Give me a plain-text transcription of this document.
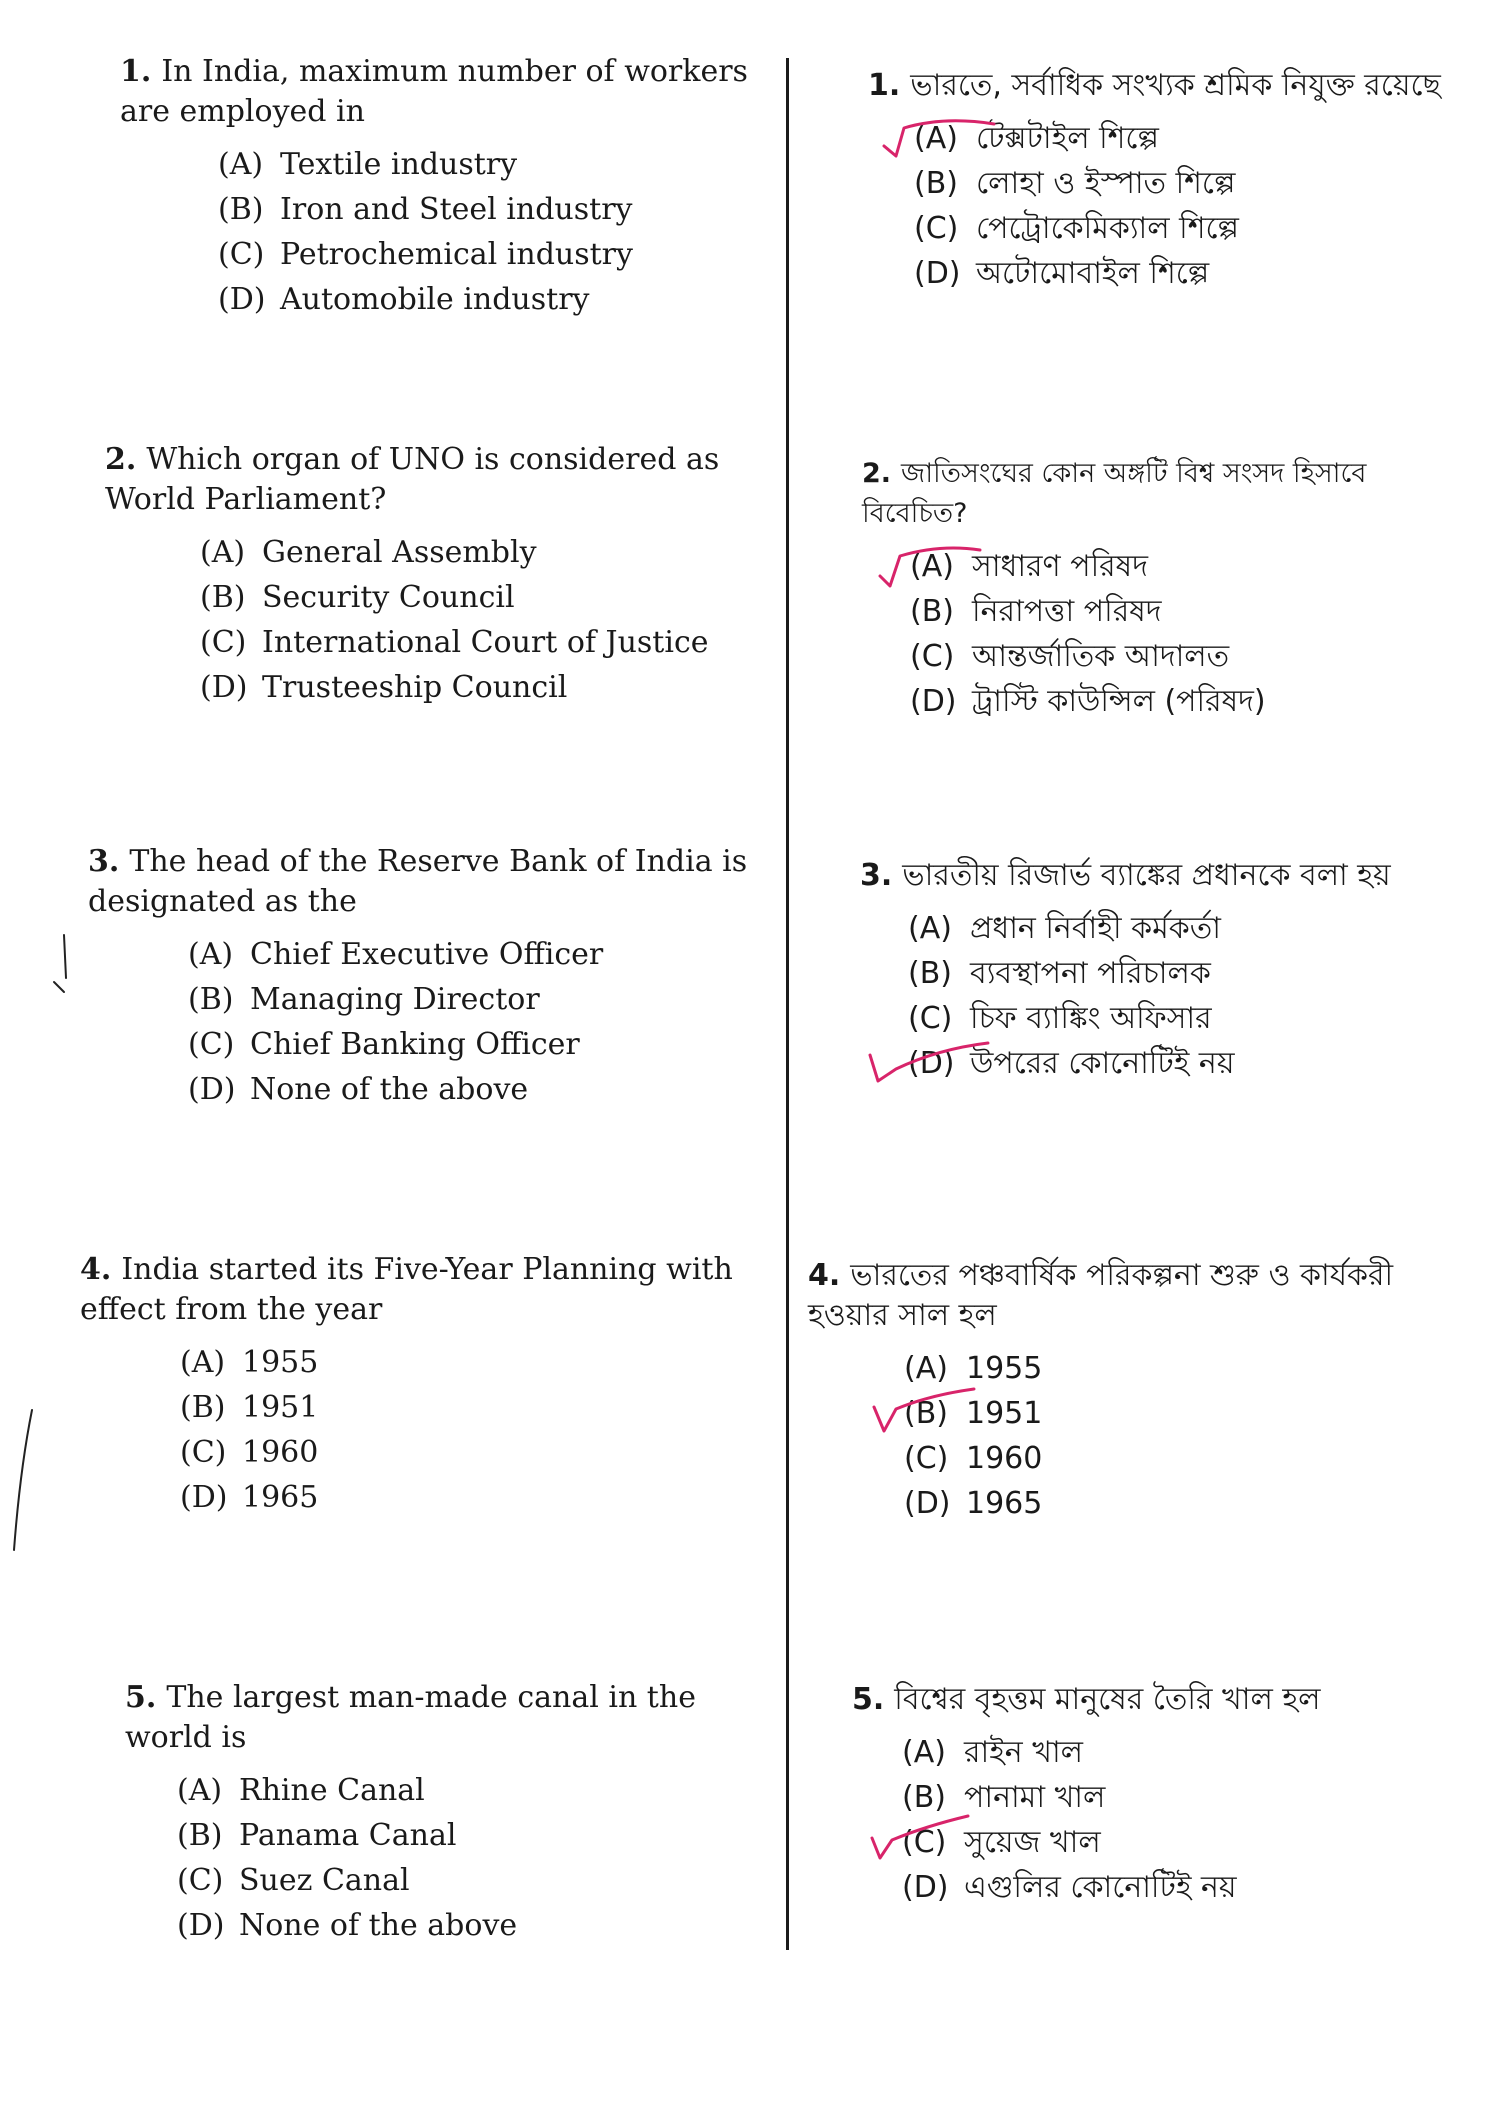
1. In India, maximum number of workers are employed in

(A) Textile industry
(B) Iron and Steel industry
(C) Petrochemical industry
(D) Automobile industry

2. Which organ of UNO is considered as World Parliament?

(A) General Assembly
(B) Security Council
(C) International Court of Justice
(D) Trusteeship Council

3. The head of the Reserve Bank of India is designated as the

(A) Chief Executive Officer
(B) Managing Director
(C) Chief Banking Officer
(D) None of the above

4. India started its Five-Year Planning with effect from the year

(A) 1955
(B) 1951
(C) 1960
(D) 1965

5. The largest man-made canal in the world is

(A) Rhine Canal
(B) Panama Canal
(C) Suez Canal
(D) None of the above

1. ভারতে, সর্বাধিক সংখ্যক শ্রমিক নিযুক্ত রয়েছে

(A) টেক্সটাইল শিল্পে
(B) লোহা ও ইস্পাত শিল্পে
(C) পেট্রোকেমিক্যাল শিল্পে
(D) অটোমোবাইল শিল্পে

2. জাতিসংঘের কোন অঙ্গটি বিশ্ব সংসদ হিসাবে বিবেচিত?

(A) সাধারণ পরিষদ
(B) নিরাপত্তা পরিষদ
(C) আন্তর্জাতিক আদালত
(D) ট্রাস্টি কাউন্সিল (পরিষদ)

3. ভারতীয় রিজার্ভ ব্যাঙ্কের প্রধানকে বলা হয়

(A) প্রধান নির্বাহী কর্মকর্তা
(B) ব্যবস্থাপনা পরিচালক
(C) চিফ ব্যাঙ্কিং অফিসার
(D) উপরের কোনোটিই নয়

4. ভারতের পঞ্চবার্ষিক পরিকল্পনা শুরু ও কার্যকরী হওয়ার সাল হল

(A) 1955
(B) 1951
(C) 1960
(D) 1965

5. বিশ্বের বৃহত্তম মানুষের তৈরি খাল হল

(A) রাইন খাল
(B) পানামা খাল
(C) সুয়েজ খাল
(D) এগুলির কোনোটিই নয়
